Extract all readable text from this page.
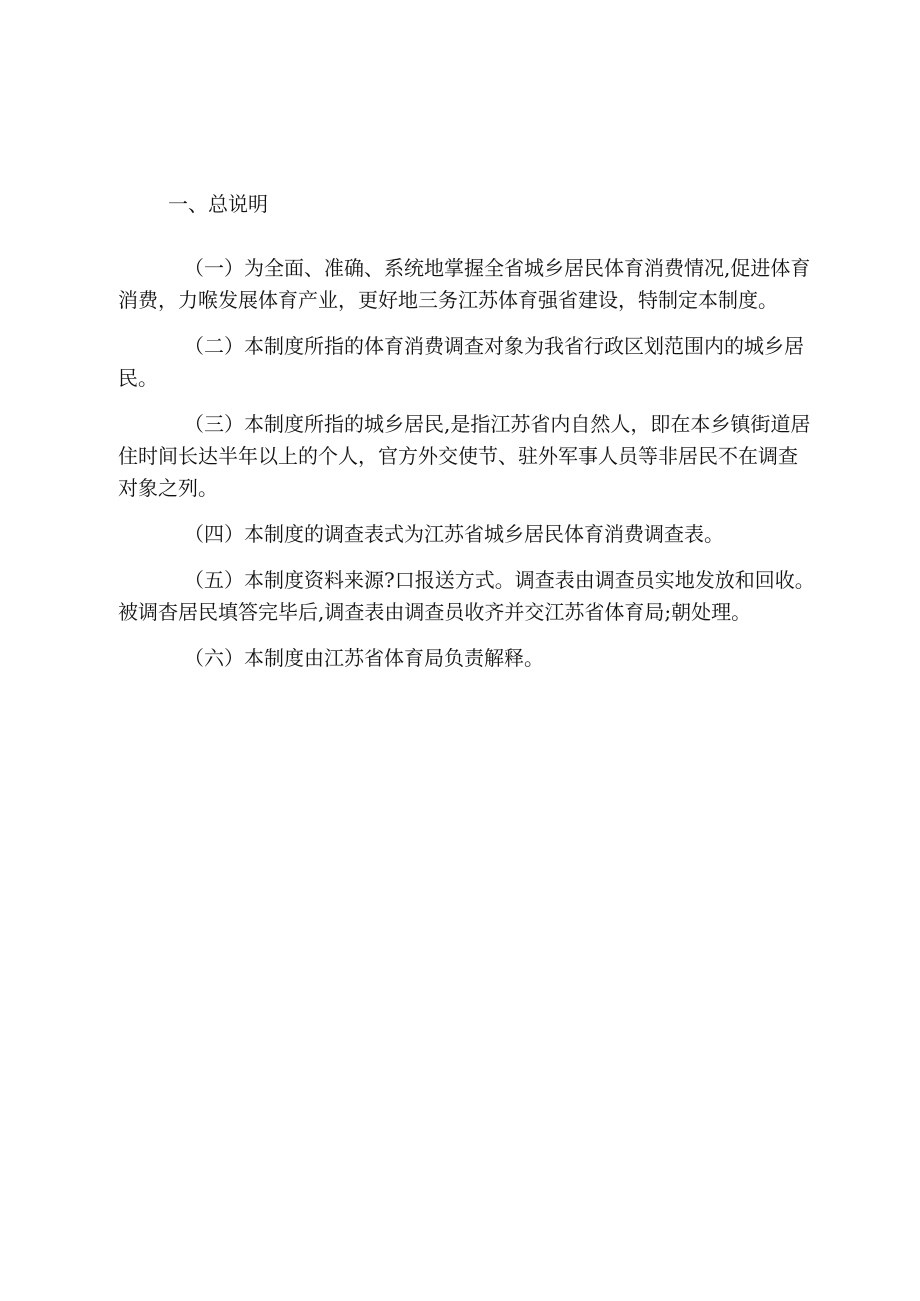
一、总说明

（一）为全面、准确、系统地掌握全省城乡居民体育消费情况,促进体育
消费，力喉发展体育产业，更好地三务江苏体育强省建设，特制定本制度。

（二）本制度所指的体育消费调查对象为我省行政区划范围内的城乡居
民。

（三）本制度所指的城乡居民,是指江苏省内自然人，即在本乡镇街道居
住时间长达半年以上的个人，官方外交使节、驻外军事人员等非居民不在调查
对象之列。

（四）本制度的调查表式为江苏省城乡居民体育消费调查表。

（五）本制度资料来源?口报送方式。调查表由调查员实地发放和回收。
被调杳居民填答完毕后,调查表由调查员收齐并交江苏省体育局;朝处理。

（六）本制度由江苏省体育局负责解释。
